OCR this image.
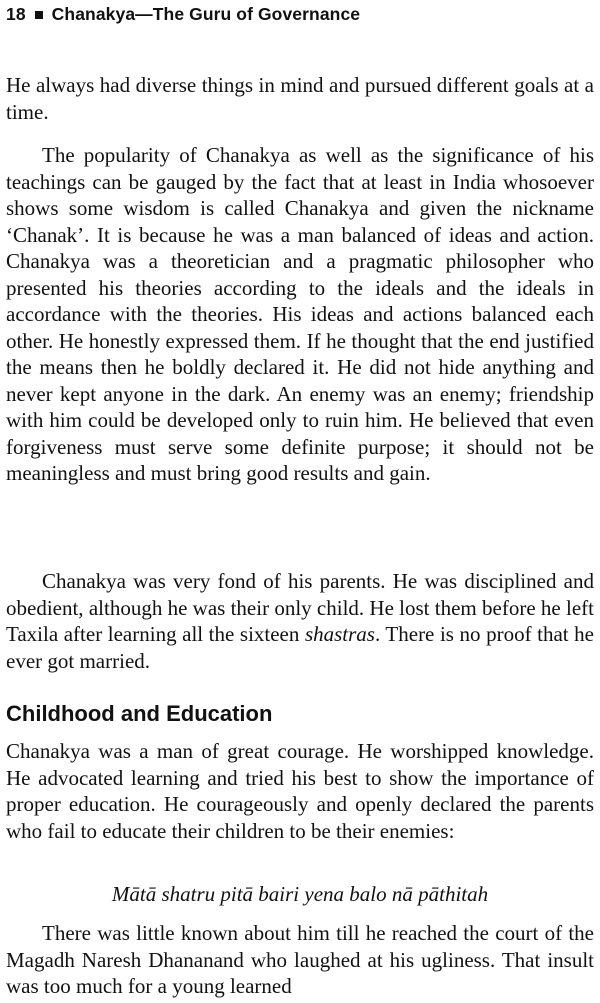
18 Chanakya—The Guru of Governance

He always had diverse things in mind and pursued different goals at a time.

The popularity of Chanakya as well as the significance of his teachings can be gauged by the fact that at least in India whosoever shows some wisdom is called Chanakya and given the nickname ‘Chanak’. It is because he was a man balanced of ideas and action. Chanakya was a theoretician and a pragmatic philosopher who presented his theories according to the ideals and the ideals in accordance with the theories. His ideas and actions balanced each other. He honestly expressed them. If he thought that the end justified the means then he boldly declared it. He did not hide anything and never kept anyone in the dark. An enemy was an enemy; friendship with him could be developed only to ruin him. He believed that even forgiveness must serve some definite purpose; it should not be meaningless and must bring good results and gain.

Chanakya was very fond of his parents. He was disciplined and obedient, although he was their only child. He lost them before he left Taxila after learning all the sixteen shastras. There is no proof that he ever got married.

Childhood and Education

Chanakya was a man of great courage. He worshipped knowledge. He advocated learning and tried his best to show the importance of proper education. He courageously and openly declared the parents who fail to educate their children to be their enemies:

Mātā shatru pitā bairi yena balo nā pāthitah

There was little known about him till he reached the court of the Magadh Naresh Dhananand who laughed at his ugliness. That insult was too much for a young learned
